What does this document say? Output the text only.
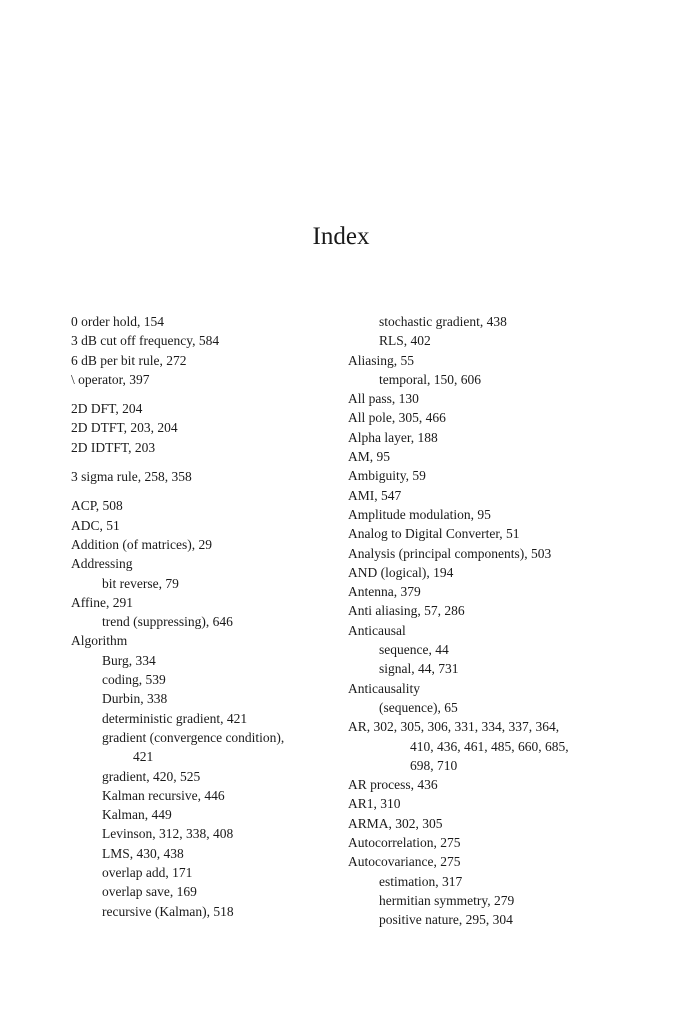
Index
0 order hold, 154
3 dB cut off frequency, 584
6 dB per bit rule, 272
\ operator, 397
2D DFT, 204
2D DTFT, 203, 204
2D IDTFT, 203
3 sigma rule, 258, 358
ACP, 508
ADC, 51
Addition (of matrices), 29
Addressing
bit reverse, 79
Affine, 291
trend (suppressing), 646
Algorithm
Burg, 334
coding, 539
Durbin, 338
deterministic gradient, 421
gradient (convergence condition),
421
gradient, 420, 525
Kalman recursive, 446
Kalman, 449
Levinson, 312, 338, 408
LMS, 430, 438
overlap add, 171
overlap save, 169
recursive (Kalman), 518
stochastic gradient, 438
RLS, 402
Aliasing, 55
temporal, 150, 606
All pass, 130
All pole, 305, 466
Alpha layer, 188
AM, 95
Ambiguity, 59
AMI, 547
Amplitude modulation, 95
Analog to Digital Converter, 51
Analysis (principal components), 503
AND (logical), 194
Antenna, 379
Anti aliasing, 57, 286
Anticausal
sequence, 44
signal, 44, 731
Anticausality
(sequence), 65
AR, 302, 305, 306, 331, 334, 337, 364,
410, 436, 461, 485, 660, 685,
698, 710
AR process, 436
AR1, 310
ARMA, 302, 305
Autocorrelation, 275
Autocovariance, 275
estimation, 317
hermitian symmetry, 279
positive nature, 295, 304
